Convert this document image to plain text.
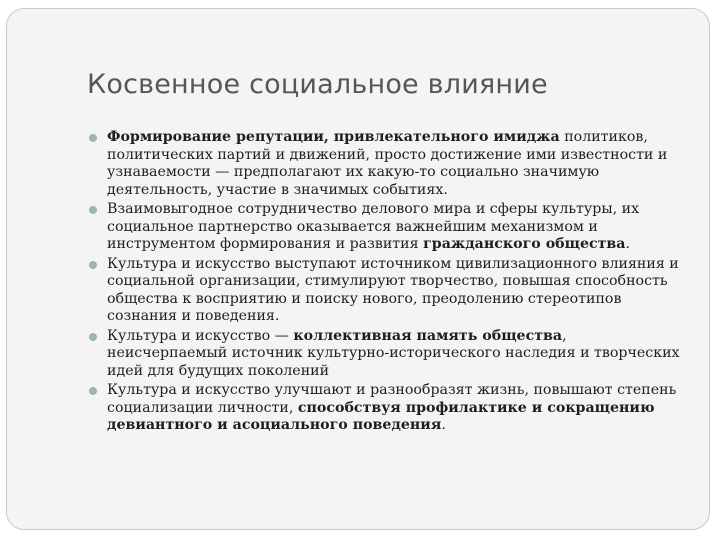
Косвенное социальное влияние
Формирование репутации, привлекательного имиджа политиков, политических партий и движений, просто достижение ими известности и узнаваемости — предполагают их какую-то социально значимую деятельность, участие в значимых событиях.
Взаимовыгодное сотрудничество делового мира и сферы культуры, их социальное партнерство оказывается важнейшим механизмом и инструментом формирования и развития гражданского общества.
Культура и искусство выступают источником цивилизационного влияния и социальной организации, стимулируют творчество, повышая способность общества к восприятию и поиску нового, преодолению стереотипов сознания и поведения.
Культура и искусство — коллективная память общества, неисчерпаемый источник культурно-исторического наследия и творческих идей для будущих поколений
Культура и искусство улучшают и разнообразят жизнь, повышают степень социализации личности, способствуя профилактике и сокращению девиантного и асоциального поведения.
